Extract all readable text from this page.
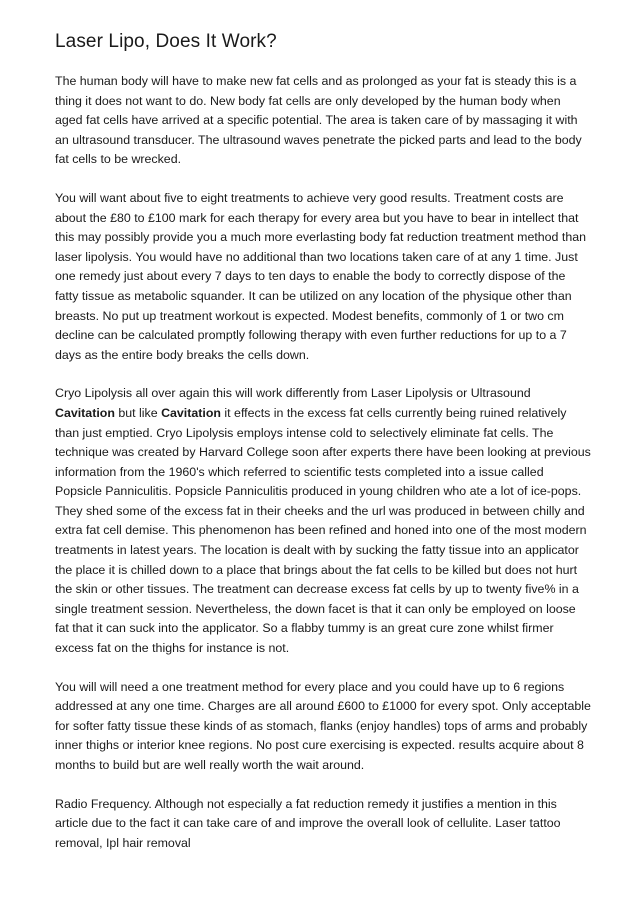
Laser Lipo, Does It Work?

The human body will have to make new fat cells and as prolonged as your fat is steady this is a thing it does not want to do. New body fat cells are only developed by the human body when aged fat cells have arrived at a specific potential. The area is taken care of by massaging it with an ultrasound transducer. The ultrasound waves penetrate the picked parts and lead to the body fat cells to be wrecked.

You will want about five to eight treatments to achieve very good results. Treatment costs are about the £80 to £100 mark for each therapy for every area but you have to bear in intellect that this may possibly provide you a much more everlasting body fat reduction treatment method than laser lipolysis. You would have no additional than two locations taken care of at any 1 time. Just one remedy just about every 7 days to ten days to enable the body to correctly dispose of the fatty tissue as metabolic squander. It can be utilized on any location of the physique other than breasts. No put up treatment workout is expected. Modest benefits, commonly of 1 or two cm decline can be calculated promptly following therapy with even further reductions for up to a 7 days as the entire body breaks the cells down.

Cryo Lipolysis all over again this will work differently from Laser Lipolysis or Ultrasound Cavitation but like Cavitation it effects in the excess fat cells currently being ruined relatively than just emptied. Cryo Lipolysis employs intense cold to selectively eliminate fat cells. The technique was created by Harvard College soon after experts there have been looking at previous information from the 1960's which referred to scientific tests completed into a issue called Popsicle Panniculitis. Popsicle Panniculitis produced in young children who ate a lot of ice-pops. They shed some of the excess fat in their cheeks and the url was produced in between chilly and extra fat cell demise. This phenomenon has been refined and honed into one of the most modern treatments in latest years. The location is dealt with by sucking the fatty tissue into an applicator the place it is chilled down to a place that brings about the fat cells to be killed but does not hurt the skin or other tissues. The treatment can decrease excess fat cells by up to twenty five% in a single treatment session. Nevertheless, the down facet is that it can only be employed on loose fat that it can suck into the applicator. So a flabby tummy is an great cure zone whilst firmer excess fat on the thighs for instance is not.

You will will need a one treatment method for every place and you could have up to 6 regions addressed at any one time. Charges are all around £600 to £1000 for every spot. Only acceptable for softer fatty tissue these kinds of as stomach, flanks (enjoy handles) tops of arms and probably inner thighs or interior knee regions. No post cure exercising is expected. results acquire about 8 months to build but are well really worth the wait around.

Radio Frequency. Although not especially a fat reduction remedy it justifies a mention in this article due to the fact it can take care of and improve the overall look of cellulite. Laser tattoo removal, Ipl hair removal
